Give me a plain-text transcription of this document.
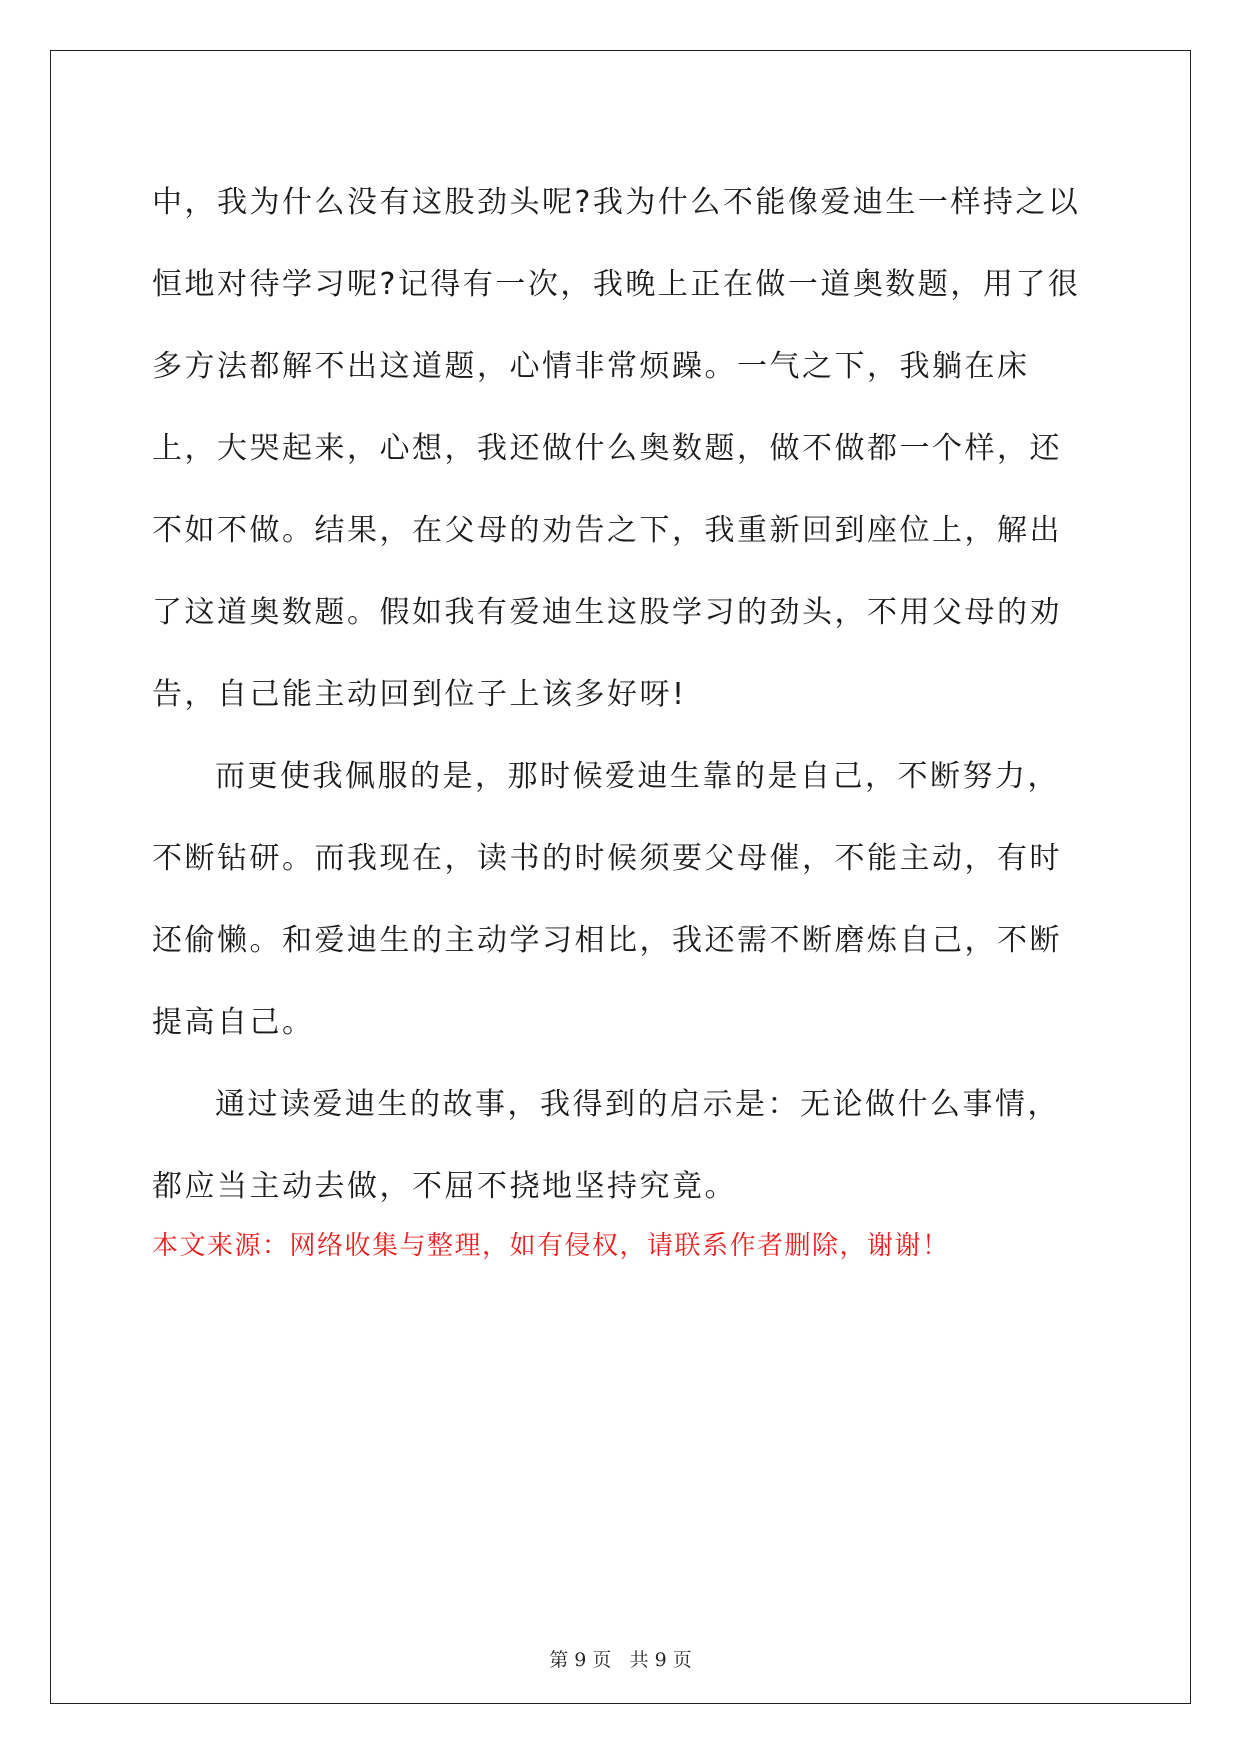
中，我为什么没有这股劲头呢?我为什么不能像爱迪生一样持之以恒地对待学习呢?记得有一次，我晚上正在做一道奥数题，用了很多方法都解不出这道题，心情非常烦躁。一气之下，我躺在床上，大哭起来，心想，我还做什么奥数题，做不做都一个样，还不如不做。结果，在父母的劝告之下，我重新回到座位上，解出了这道奥数题。假如我有爱迪生这股学习的劲头，不用父母的劝告，自己能主动回到位子上该多好呀!

而更使我佩服的是，那时候爱迪生靠的是自己，不断努力，不断钻研。而我现在，读书的时候须要父母催，不能主动，有时还偷懒。和爱迪生的主动学习相比，我还需不断磨炼自己，不断提高自己。

通过读爱迪生的故事，我得到的启示是：无论做什么事情，都应当主动去做，不屈不挠地坚持究竟。

本文来源：网络收集与整理，如有侵权，请联系作者删除，谢谢！

第 9 页 共 9 页
